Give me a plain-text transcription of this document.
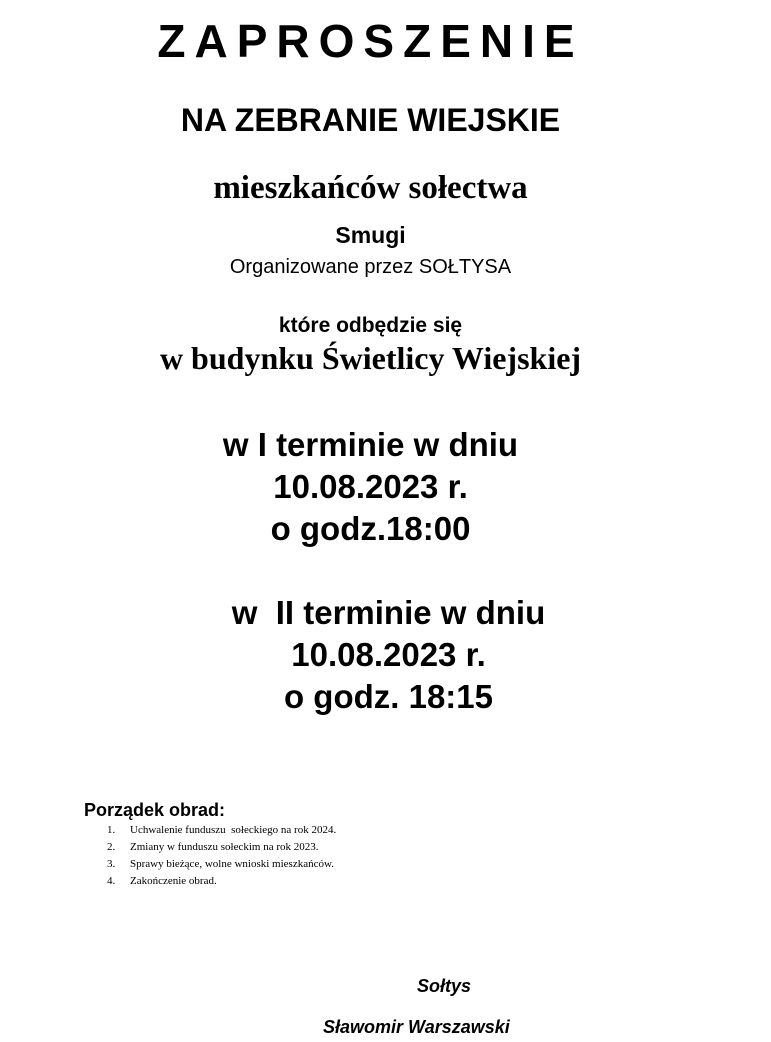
ZAPROSZENIE
NA ZEBRANIE WIEJSKIE
mieszkańców sołectwa
Smugi
Organizowane przez SOŁTYSA
które odbędzie się
w budynku Świetlicy Wiejskiej
w I terminie w dniu
10.08.2023 r.
o godz.18:00
w  II terminie w dniu
10.08.2023 r.
o godz. 18:15
Porządek obrad:
1. Uchwalenie funduszu  sołeckiego na rok 2024.
2. Zmiany w funduszu sołeckim na rok 2023.
3. Sprawy bieżące, wolne wnioski mieszkańców.
4. Zakończenie obrad.
Sołtys
Sławomir Warszawski
